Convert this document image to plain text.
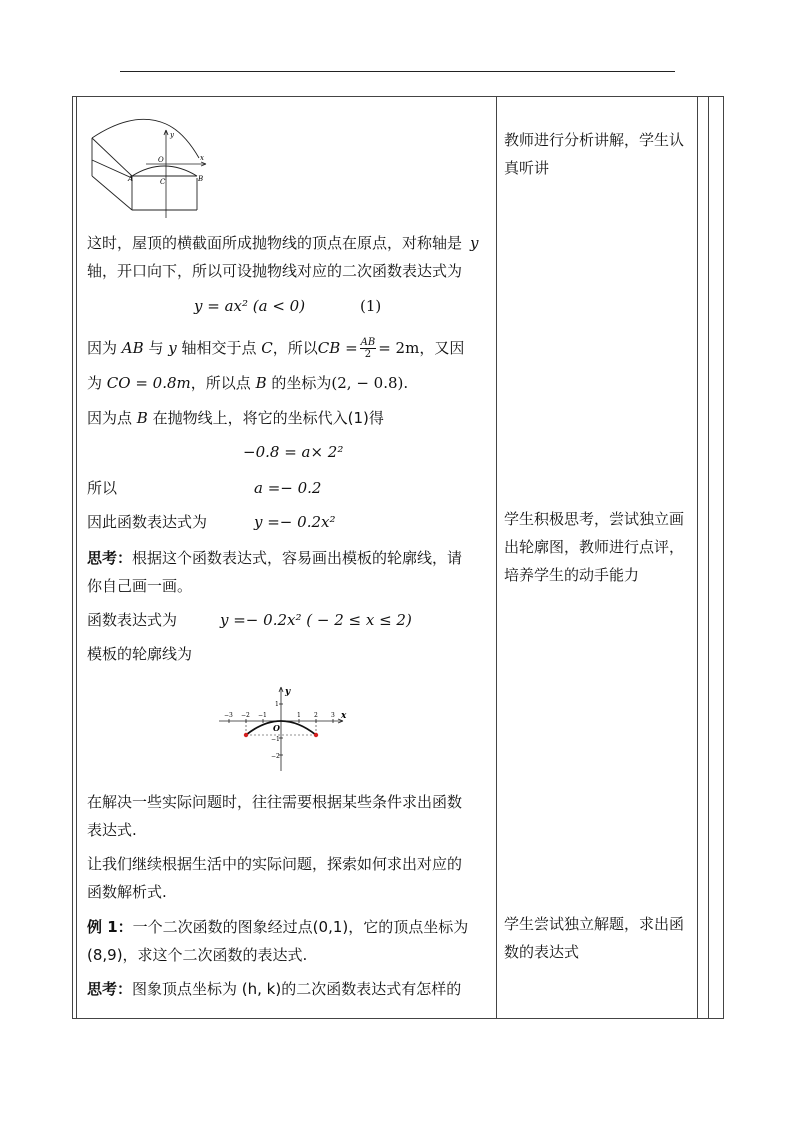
y
O	x
A	C	B
这时，屋顶的横截面所成抛物线的顶点在原点，对称轴是 y
轴，开口向下，所以可设抛物线对应的二次函数表达式为
y = ax² (a < 0)	(1)
因为 AB 与 y 轴相交于点 C，所以CB = $\frac{AB}{2} = 2m$，又因
为 CO = 0.8m，所以点 B 的坐标为(2, − 0.8).
因为点 B 在抛物线上，将它的坐标代入(1)得
−0.8 = a× 2²
所以	a =− 0.2
因此函数表达式为	y =− 0.2x²
思考：根据这个函数表达式，容易画出模板的轮廓线，请
你自己画一画。
函数表达式为	y =− 0.2x² ( − 2 ≤ x ≤ 2)
模板的轮廓线为
y
x
O
−3 −2 −1	1 2 3
1
−1
−2
在解决一些实际问题时，往往需要根据某些条件求出函数
表达式.
让我们继续根据生活中的实际问题，探索如何求出对应的
函数解析式.
例 1：一个二次函数的图象经过点(0,1)，它的顶点坐标为
(8,9)，求这个二次函数的表达式.
思考：图象顶点坐标为 (h, k)的二次函数表达式有怎样的
教师进行分析讲解，学生认
真听讲
学生积极思考，尝试独立画
出轮廓图，教师进行点评，
培养学生的动手能力
学生尝试独立解题，求出函
数的表达式
